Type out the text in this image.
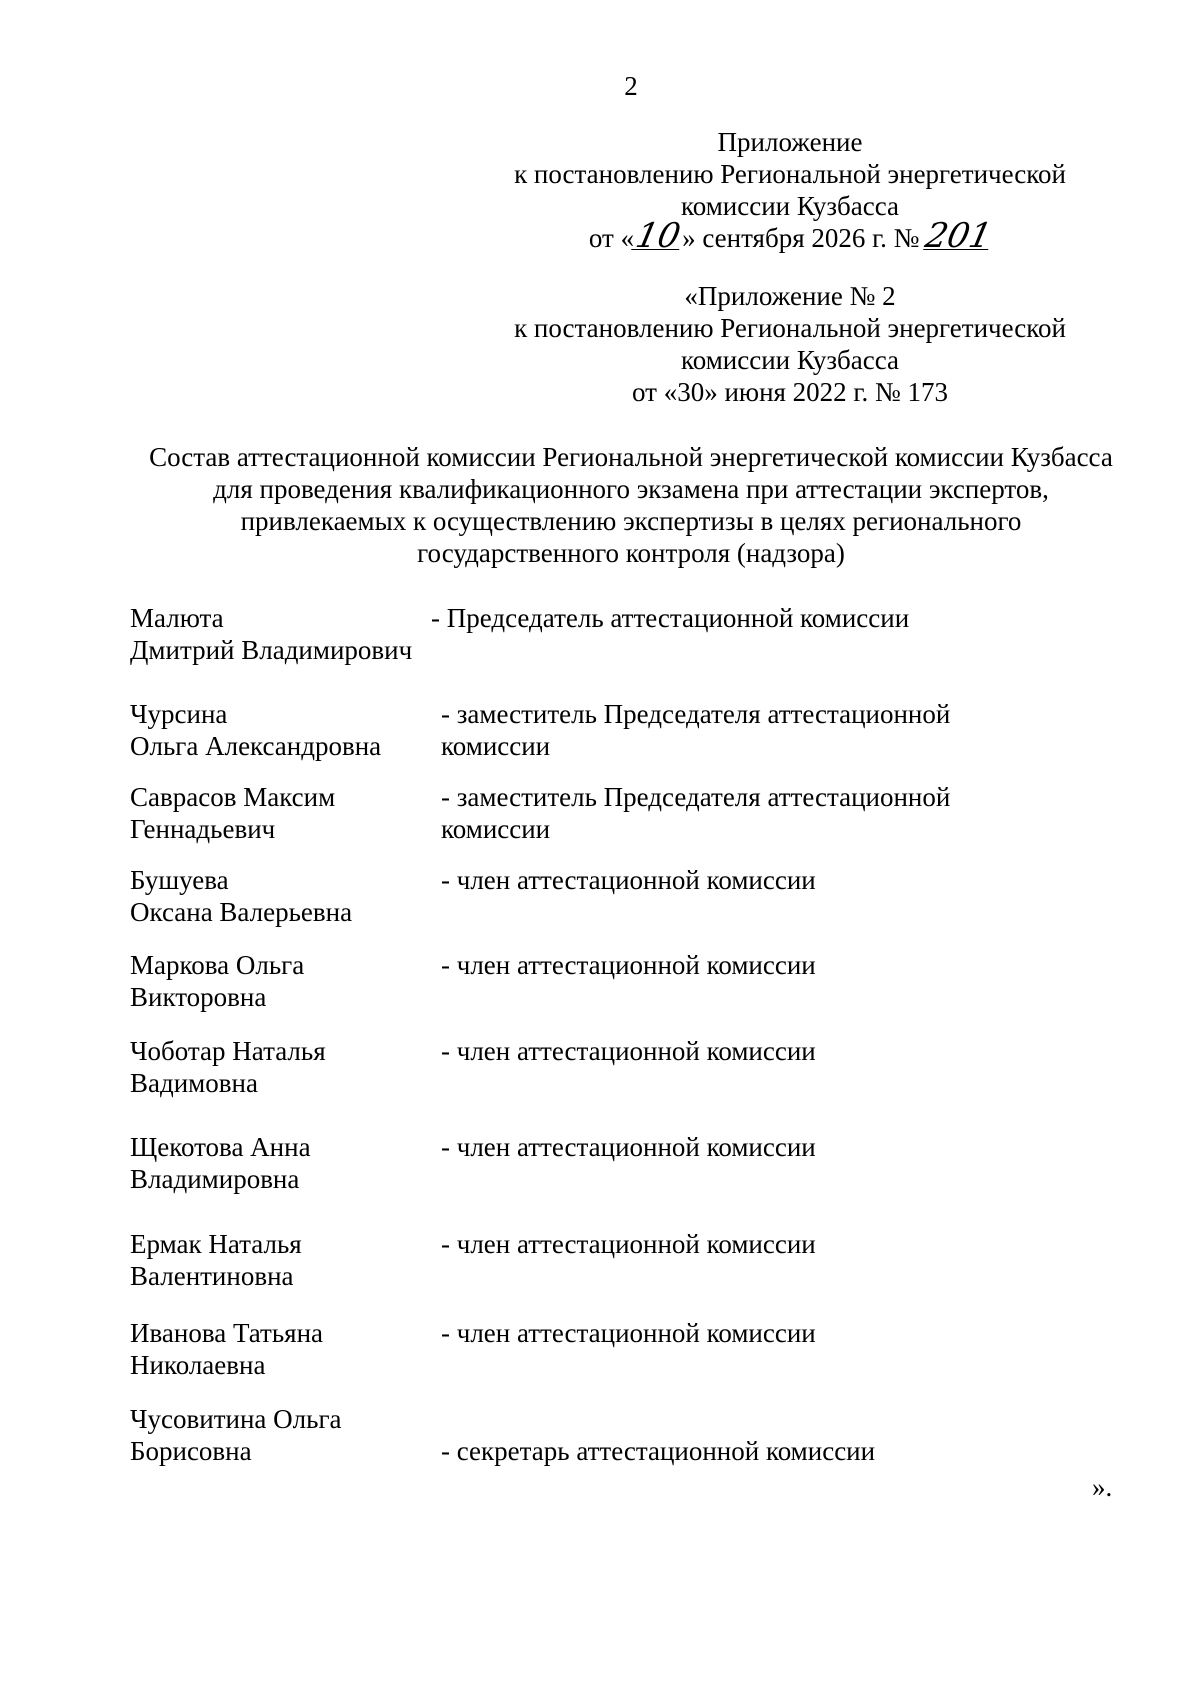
2
Приложение
к постановлению Региональной энергетической
комиссии Кузбасса
от «10» сентября 2026 г. № 201
«Приложение № 2
к постановлению Региональной энергетической
комиссии Кузбасса
от «30» июня 2022 г. № 173
Состав аттестационной комиссии Региональной энергетической комиссии Кузбасса
для проведения квалификационного экзамена при аттестации экспертов,
привлекаемых к осуществлению экспертизы в целях регионального
государственного контроля (надзора)
Малюта
Дмитрий Владимирович
- Председатель аттестационной комиссии
Чурсина
Ольга Александровна
- заместитель Председателя аттестационной
комиссии
Саврасов Максим
Геннадьевич
- заместитель Председателя аттестационной
комиссии
Бушуева
Оксана Валерьевна
- член аттестационной комиссии
Маркова Ольга
Викторовна
- член аттестационной комиссии
Чоботар Наталья
Вадимовна
- член аттестационной комиссии
Щекотова Анна
Владимировна
- член аттестационной комиссии
Ермак Наталья
Валентиновна
- член аттестационной комиссии
Иванова Татьяна
Николаевна
- член аттестационной комиссии
Чусовитина Ольга
Борисовна	- секретарь аттестационной комиссии
».
